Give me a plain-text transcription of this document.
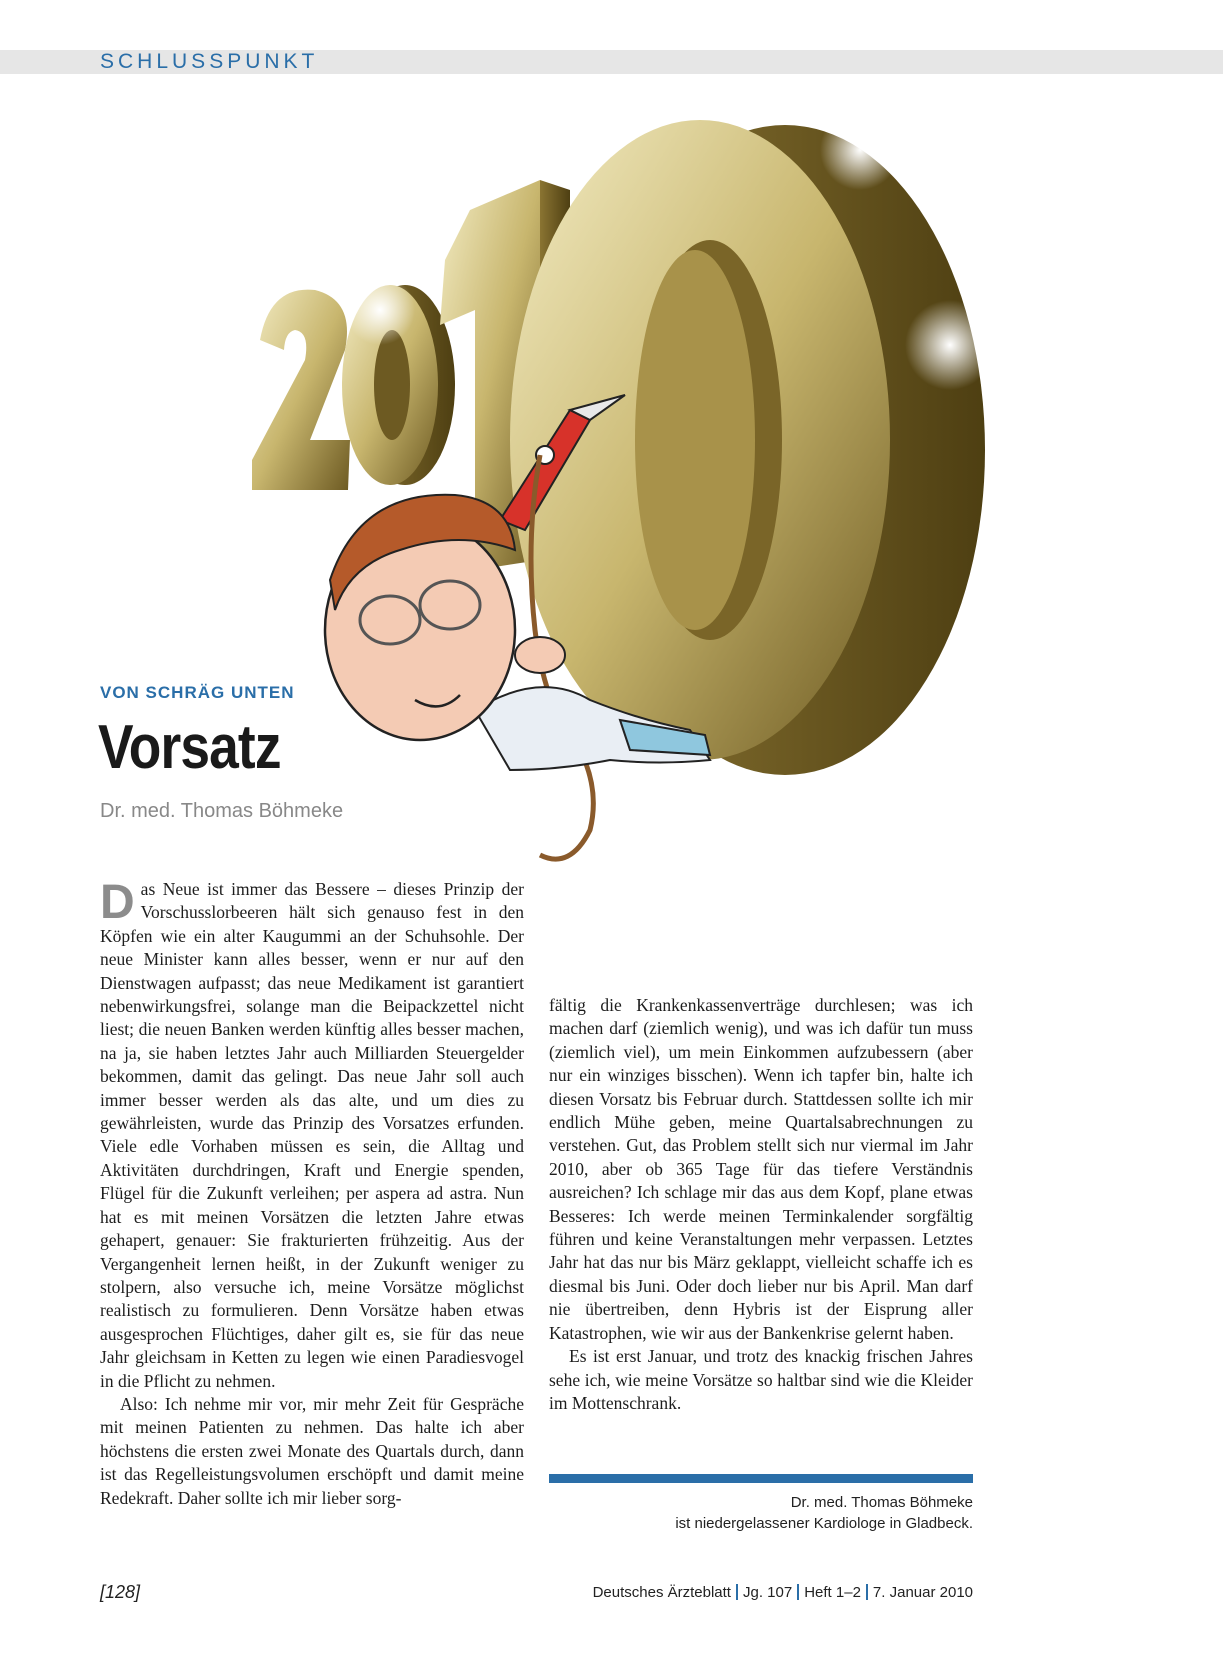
SCHLUSSPUNKT
VON SCHRÄG UNTEN
Vorsatz
Dr. med. Thomas Böhmeke

Das Neue ist immer das Bessere – dieses Prinzip der Vorschusslorbeeren hält sich genauso fest in den Köpfen wie ein alter Kaugummi an der Schuhsohle. Der neue Minister kann alles besser, wenn er nur auf den Dienstwagen aufpasst; das neue Medikament ist garantiert nebenwirkungsfrei, solange man die Beipackzettel nicht liest; die neuen Banken werden künftig alles besser machen, na ja, sie haben letztes Jahr auch Milliarden Steuergelder bekommen, damit das gelingt. Das neue Jahr soll auch immer besser werden als das alte, und um dies zu gewährleisten, wurde das Prinzip des Vorsatzes erfunden. Viele edle Vorhaben müssen es sein, die Alltag und Aktivitäten durchdringen, Kraft und Energie spenden, Flügel für die Zukunft verleihen; per aspera ad astra. Nun hat es mit meinen Vorsätzen die letzten Jahre etwas gehapert, genauer: Sie frakturierten frühzeitig. Aus der Vergangenheit lernen heißt, in der Zukunft weniger zu stolpern, also versuche ich, meine Vorsätze möglichst realistisch zu formulieren. Denn Vorsätze haben etwas ausgesprochen Flüchtiges, daher gilt es, sie für das neue Jahr gleichsam in Ketten zu legen wie einen Paradiesvogel in die Pflicht zu nehmen.

Also: Ich nehme mir vor, mir mehr Zeit für Gespräche mit meinen Patienten zu nehmen. Das halte ich aber höchstens die ersten zwei Monate des Quartals durch, dann ist das Regelleistungsvolumen erschöpft und damit meine Redekraft. Daher sollte ich mir lieber sorg-

fältig die Krankenkassenverträge durchlesen; was ich machen darf (ziemlich wenig), und was ich dafür tun muss (ziemlich viel), um mein Einkommen aufzubessern (aber nur ein winziges bisschen). Wenn ich tapfer bin, halte ich diesen Vorsatz bis Februar durch. Stattdessen sollte ich mir endlich Mühe geben, meine Quartalsabrechnungen zu verstehen. Gut, das Problem stellt sich nur viermal im Jahr 2010, aber ob 365 Tage für das tiefere Verständnis ausreichen? Ich schlage mir das aus dem Kopf, plane etwas Besseres: Ich werde meinen Terminkalender sorgfältig führen und keine Veranstaltungen mehr verpassen. Letztes Jahr hat das nur bis März geklappt, vielleicht schaffe ich es diesmal bis Juni. Oder doch lieber nur bis April. Man darf nie übertreiben, denn Hybris ist der Eisprung aller Katastrophen, wie wir aus der Bankenkrise gelernt haben.

Es ist erst Januar, und trotz des knackig frischen Jahres sehe ich, wie meine Vorsätze so haltbar sind wie die Kleider im Mottenschrank.

Dr. med. Thomas Böhmeke
ist niedergelassener Kardiologe in Gladbeck.
[128]	Deutsches Ärzteblatt Jg. 107 Heft 1–2 7. Januar 2010
